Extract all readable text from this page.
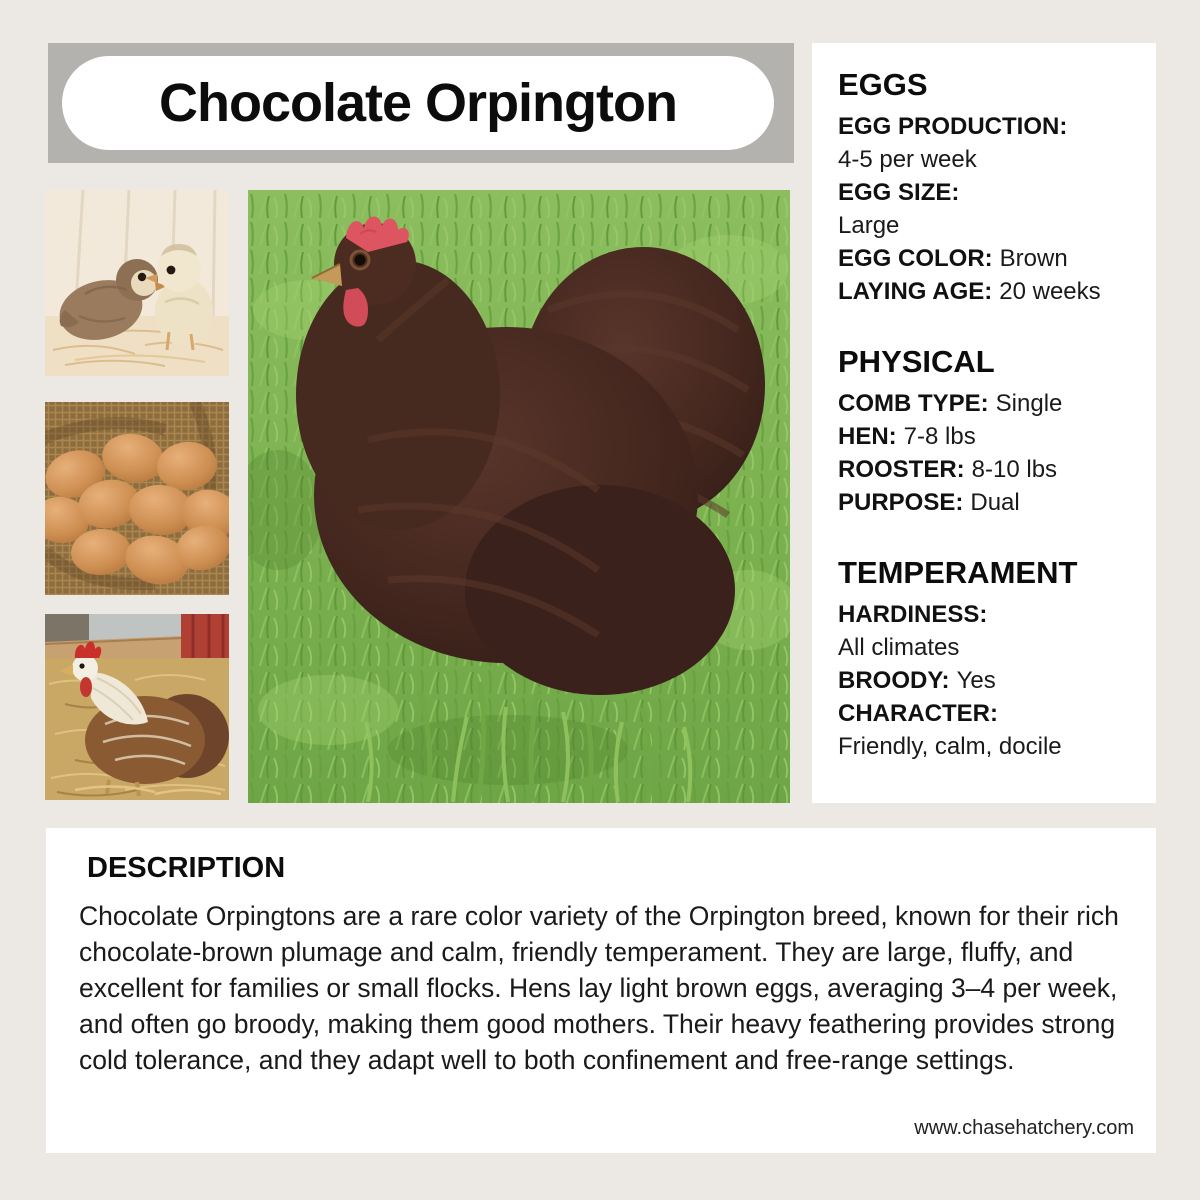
Chocolate Orpington	EGGS
EGG PRODUCTION:
4-5 per week
EGG SIZE:
Large
EGG COLOR: Brown
LAYING AGE: 20 weeks
PHYSICAL
COMB TYPE: Single
HEN: 7-8 lbs
ROOSTER: 8-10 lbs
PURPOSE: Dual
TEMPERAMENT
HARDINESS:
All climates
BROODY: Yes
CHARACTER:
Friendly, calm, docile
DESCRIPTION

Chocolate Orpingtons are a rare color variety of the Orpington breed, known for their rich chocolate-brown plumage and calm, friendly temperament. They are large, fluffy, and excellent for families or small flocks. Hens lay light brown eggs, averaging 3–4 per week, and often go broody, making them good mothers. Their heavy feathering provides strong cold tolerance, and they adapt well to both confinement and free-range settings.

www.chasehatchery.com
